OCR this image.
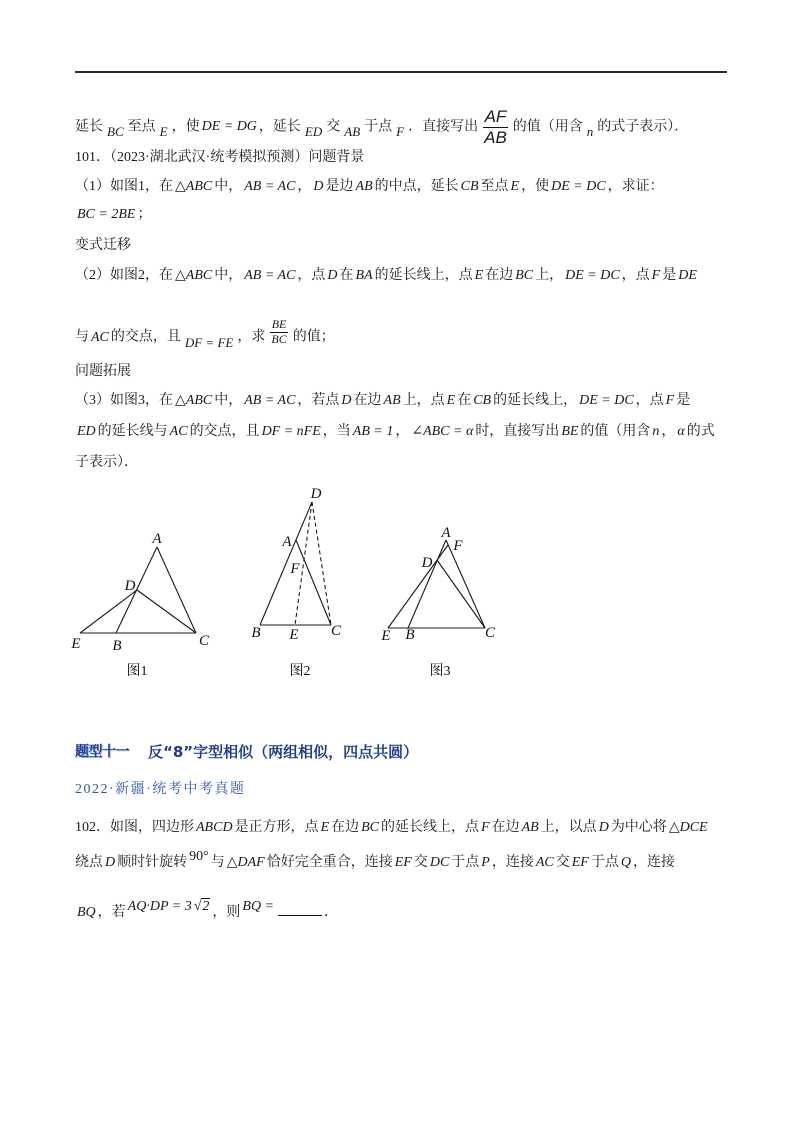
延长 BC 至点 E ，使 DE = DG ，延长 ED 交 AB 于点 F ．直接写出 $\frac{AF}{AB}$ 的值（用含 n 的式子表示）．
101．（2023·湖北武汉·统考模拟预测）问题背景
（1）如图1，在 △ABC 中， AB = AC ， D 是边 AB 的中点，延长 CB 至点 E ，使 DE = DC ，求证：
BC = 2BE ；
变式迁移
（2）如图2，在 △ABC 中， AB = AC ，点 D 在 BA 的延长线上，点 E 在边 BC 上， DE = DC ，点 F 是 DE
与 AC 的交点，且 DF = FE ，求 $\frac{BE}{BC}$ 的值；
问题拓展
（3）如图3，在 △ABC 中， AB = AC ，若点 D 在边 AB 上，点 E 在 CB 的延长线上， DE = DC ，点 F 是
ED 的延长线与 AC 的交点，且 DF = nFE ，当 AB = 1 ， ∠ABC = α 时，直接写出 BE 的值（用含 n ， α 的式
子表示）．
A
D
E B	C
图1
D
A
F
B E C
图2
A
F
D
E B	C
图3
题型十一 反“8”字型相似（两组相似，四点共圆）
2022·新疆·统考中考真题
102．如图，四边形 ABCD 是正方形，点 E 在边 BC 的延长线上，点 F 在边 AB 上，以点 D 为中心将 △DCE
绕点 D 顺时针旋转 90° 与 △DAF 恰好完全重合，连接 EF 交 DC 于点 P ，连接 AC 交 EF 于点 Q ，连接
BQ ，若 AQ·DP = 3 √2 ，则 BQ =	．
